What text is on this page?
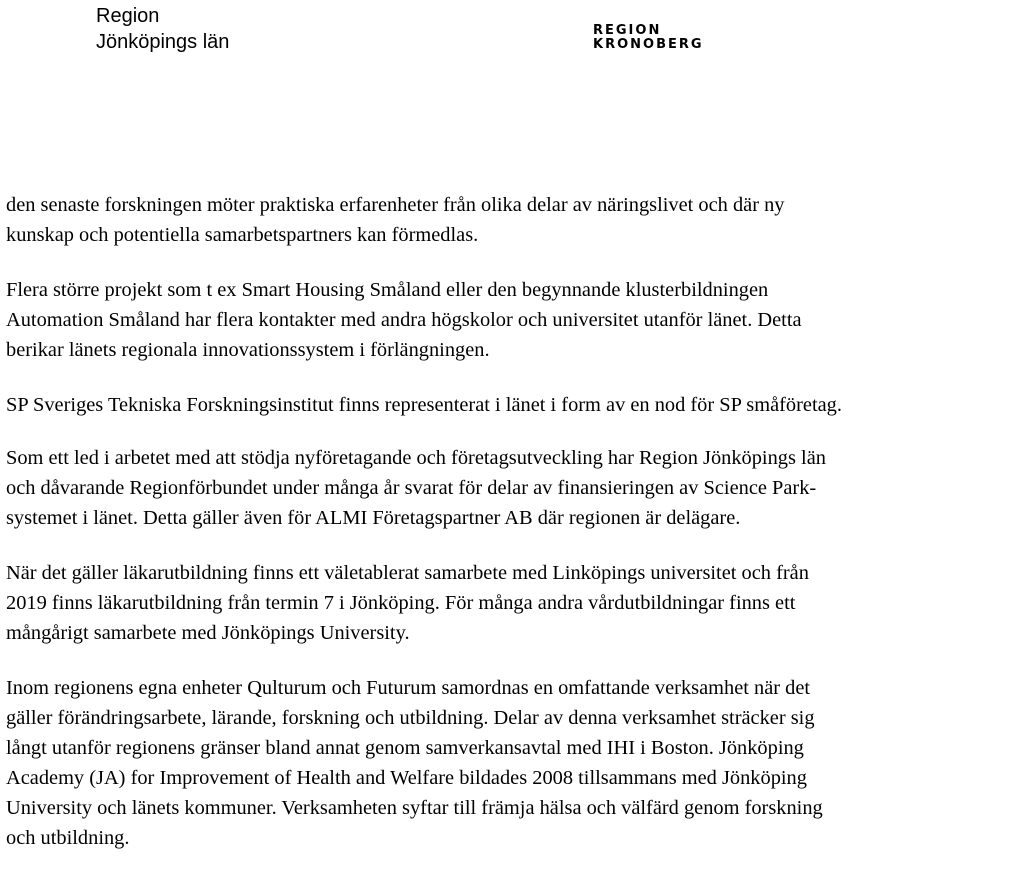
Region
Jönköpings län
REGION
KRONOBERG

den senaste forskningen möter praktiska erfarenheter från olika delar av näringslivet och där ny
kunskap och potentiella samarbetspartners kan förmedlas.

Flera större projekt som t ex Smart Housing Småland eller den begynnande klusterbildningen
Automation Småland har flera kontakter med andra högskolor och universitet utanför länet. Detta
berikar länets regionala innovationssystem i förlängningen.

SP Sveriges Tekniska Forskningsinstitut finns representerat i länet i form av en nod för SP småföretag.

Som ett led i arbetet med att stödja nyföretagande och företagsutveckling har Region Jönköpings län
och dåvarande Regionförbundet under många år svarat för delar av finansieringen av Science Park-
systemet i länet. Detta gäller även för ALMI Företagspartner AB där regionen är delägare.

När det gäller läkarutbildning finns ett väletablerat samarbete med Linköpings universitet och från
2019 finns läkarutbildning från termin 7 i Jönköping. För många andra vårdutbildningar finns ett
mångårigt samarbete med Jönköpings University.

Inom regionens egna enheter Qulturum och Futurum samordnas en omfattande verksamhet när det
gäller förändringsarbete, lärande, forskning och utbildning. Delar av denna verksamhet sträcker sig
långt utanför regionens gränser bland annat genom samverkansavtal med IHI i Boston. Jönköping
Academy (JA) for Improvement of Health and Welfare bildades 2008 tillsammans med Jönköping
University och länets kommuner. Verksamheten syftar till främja hälsa och välfärd genom forskning
och utbildning.
